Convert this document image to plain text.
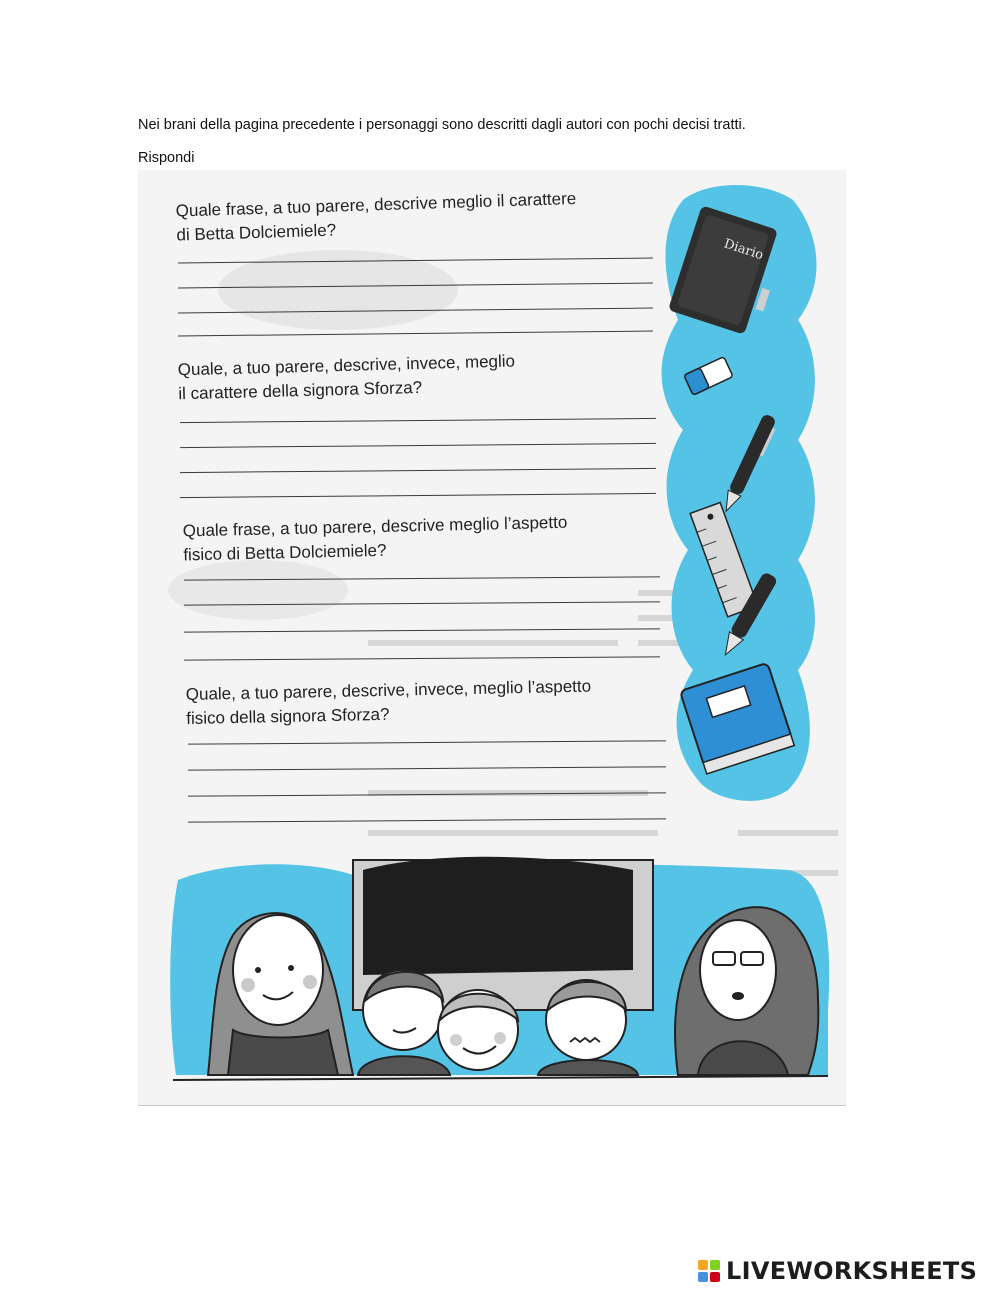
Nei brani della pagina precedente i personaggi sono descritti dagli autori con pochi decisi tratti.
Rispondi
Diario
Quale frase, a tuo parere, descrive meglio il carattere
di Betta Dolciemiele?
Quale, a tuo parere, descrive, invece, meglio
il carattere della signora Sforza?
Quale frase, a tuo parere, descrive meglio l’aspetto
fisico di Betta Dolciemiele?
Quale, a tuo parere, descrive, invece, meglio l’aspetto
fisico della signora Sforza?
LIVEWORKSHEETS
